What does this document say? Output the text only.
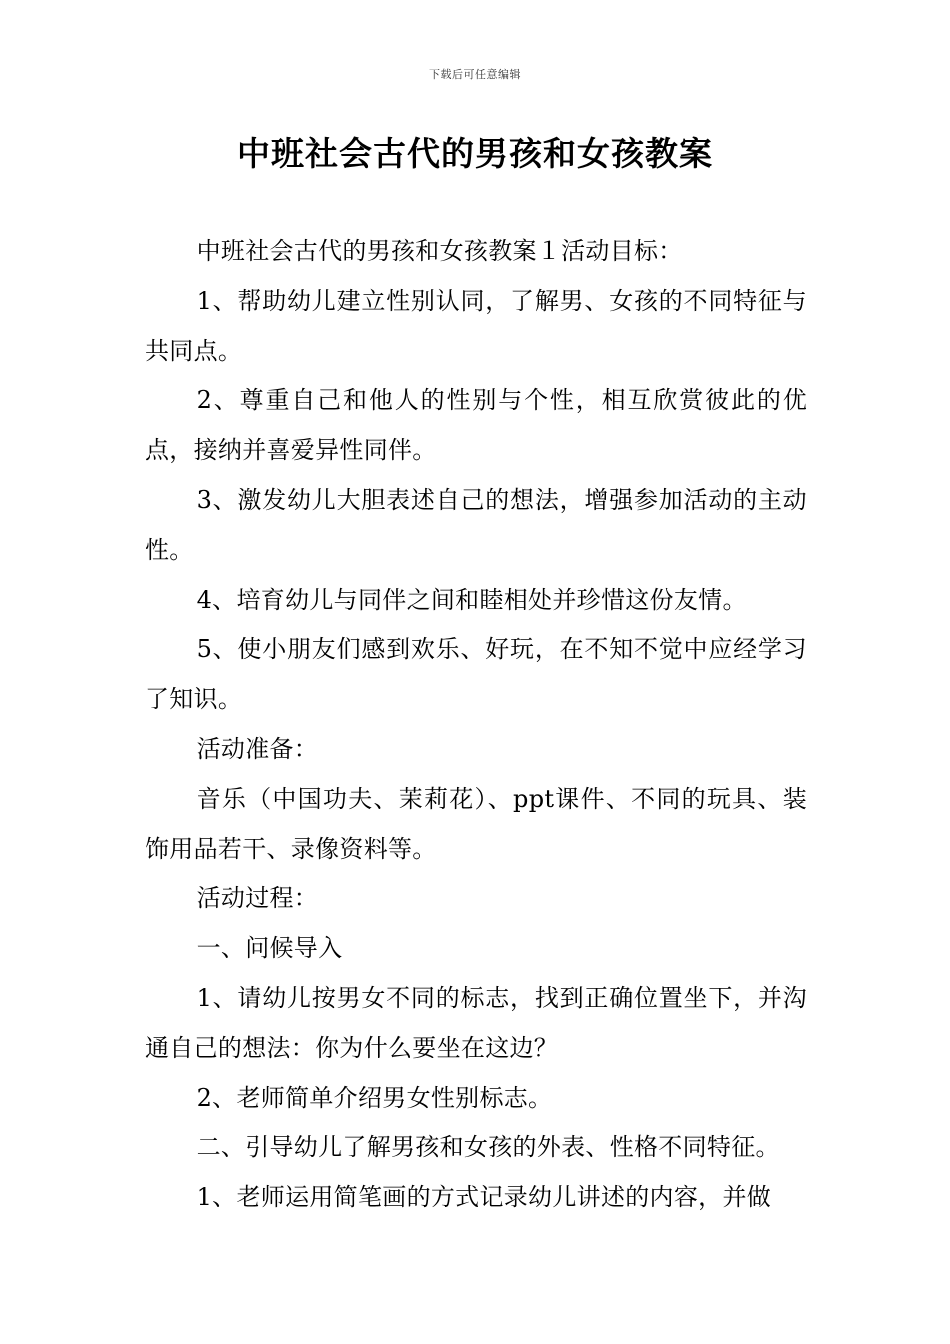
下载后可任意编辑
中班社会古代的男孩和女孩教案

中班社会古代的男孩和女孩教案１活动目标：

1、帮助幼儿建立性别认同，了解男、女孩的不同特征与共同点。

2、尊重自己和他人的性别与个性，相互欣赏彼此的优点，接纳并喜爱异性同伴。

3、激发幼儿大胆表述自己的想法，增强参加活动的主动性。

4、培育幼儿与同伴之间和睦相处并珍惜这份友情。

5、使小朋友们感到欢乐、好玩，在不知不觉中应经学习了知识。

活动准备：

音乐（中国功夫、茉莉花）、ppt课件、不同的玩具、装饰用品若干、录像资料等。

活动过程：

一、问候导入

1、请幼儿按男女不同的标志，找到正确位置坐下，并沟通自己的想法：你为什么要坐在这边？

2、老师简单介绍男女性别标志。

二、引导幼儿了解男孩和女孩的外表、性格不同特征。

1、老师运用简笔画的方式记录幼儿讲述的内容，并做
